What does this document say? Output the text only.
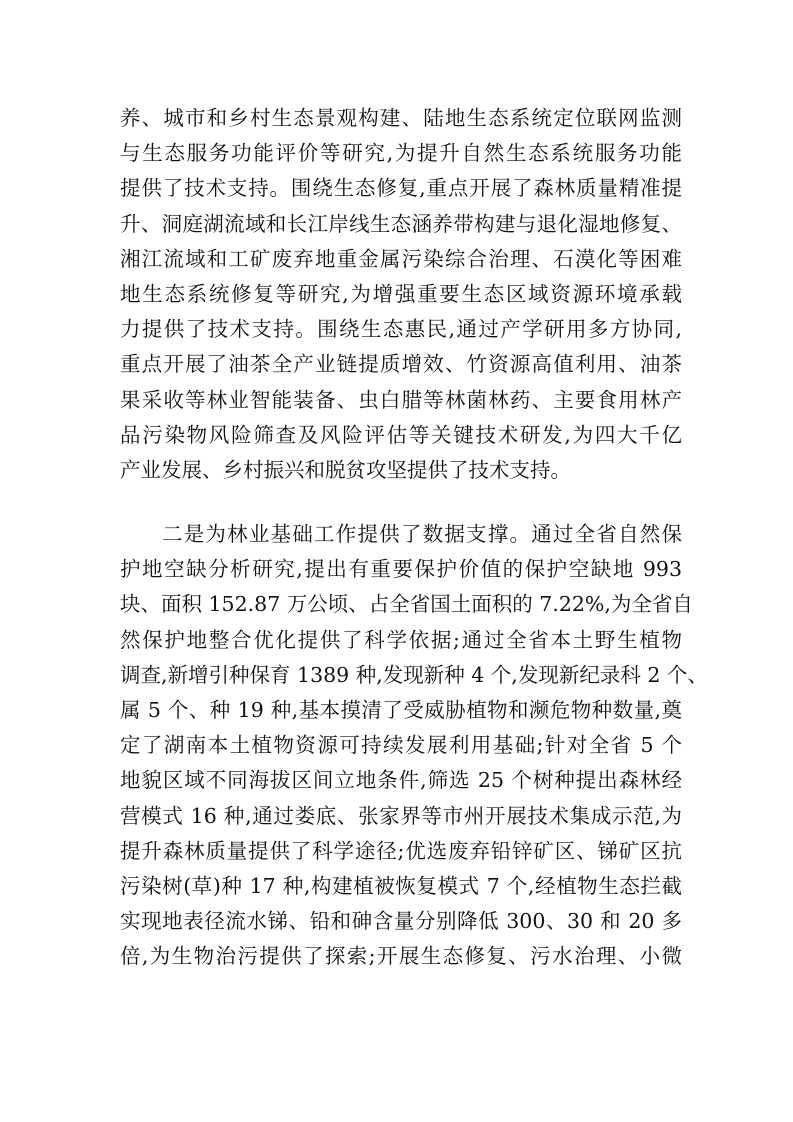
养、城市和乡村生态景观构建、陆地生态系统定位联网监测
与生态服务功能评价等研究,为提升自然生态系统服务功能
提供了技术支持。围绕生态修复,重点开展了森林质量精准提
升、洞庭湖流域和长江岸线生态涵养带构建与退化湿地修复、
湘江流域和工矿废弃地重金属污染综合治理、石漠化等困难
地生态系统修复等研究,为增强重要生态区域资源环境承载
力提供了技术支持。围绕生态惠民,通过产学研用多方协同,
重点开展了油茶全产业链提质增效、竹资源高值利用、油茶
果采收等林业智能装备、虫白腊等林菌林药、主要食用林产
品污染物风险筛查及风险评估等关键技术研发,为四大千亿
产业发展、乡村振兴和脱贫攻坚提供了技术支持。
二是为林业基础工作提供了数据支撑。通过全省自然保
护地空缺分析研究,提出有重要保护价值的保护空缺地 993
块、面积 152.87 万公顷、占全省国土面积的 7.22%,为全省自
然保护地整合优化提供了科学依据;通过全省本土野生植物
调查,新增引种保育 1389 种,发现新种 4 个,发现新纪录科 2 个、
属 5 个、种 19 种,基本摸清了受威胁植物和濒危物种数量,奠
定了湖南本土植物资源可持续发展利用基础;针对全省 5 个
地貌区域不同海拔区间立地条件,筛选 25 个树种提出森林经
营模式 16 种,通过娄底、张家界等市州开展技术集成示范,为
提升森林质量提供了科学途径;优选废弃铅锌矿区、锑矿区抗
污染树(草)种 17 种,构建植被恢复模式 7 个,经植物生态拦截
实现地表径流水锑、铅和砷含量分别降低 300、30 和 20 多
倍,为生物治污提供了探索;开展生态修复、污水治理、小微
